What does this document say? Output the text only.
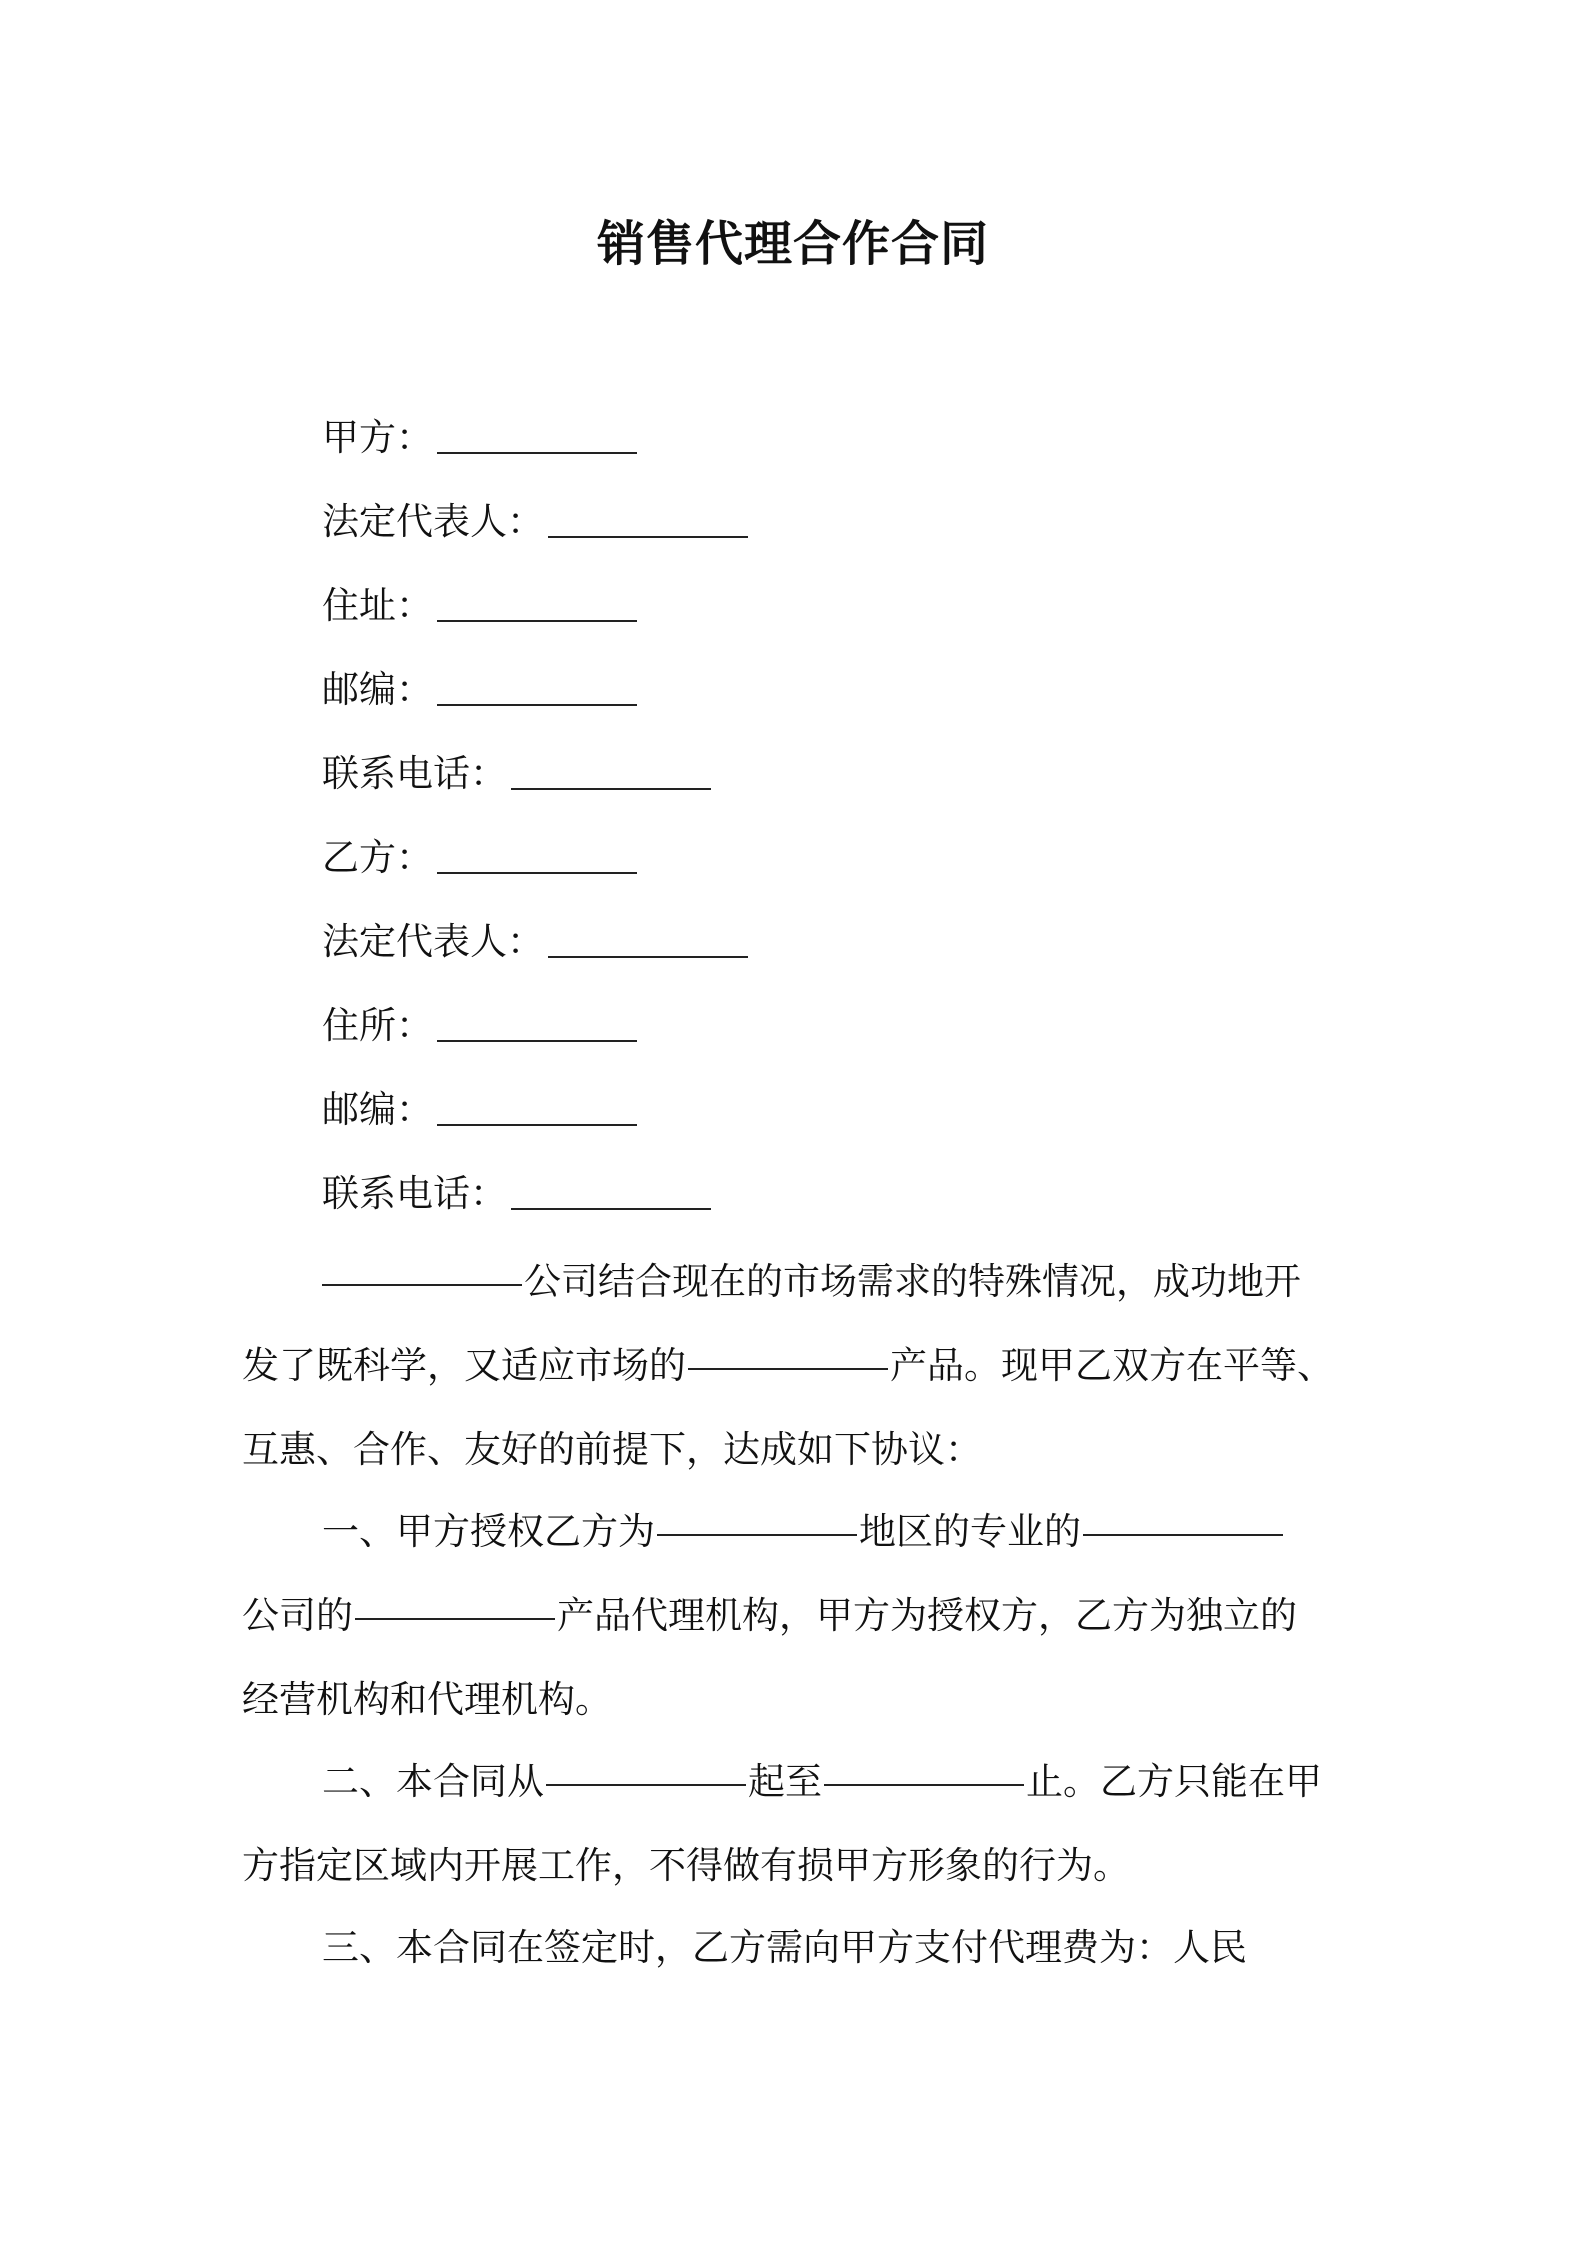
销售代理合作合同
甲方：
法定代表人：
住址：
邮编：
联系电话：
乙方：
法定代表人：
住所：
邮编：
联系电话：
公司结合现在的市场需求的特殊情况，成功地开
发了既科学，又适应市场的	产品。现甲乙双方在平等、
互惠、合作、友好的前提下，达成如下协议：
一、甲方授权乙方为	地区的专业的
公司的	产品代理机构，甲方为授权方，乙方为独立的
经营机构和代理机构。
二、本合同从	起至	止。乙方只能在甲
方指定区域内开展工作，不得做有损甲方形象的行为。
三、本合同在签定时，乙方需向甲方支付代理费为：人民
